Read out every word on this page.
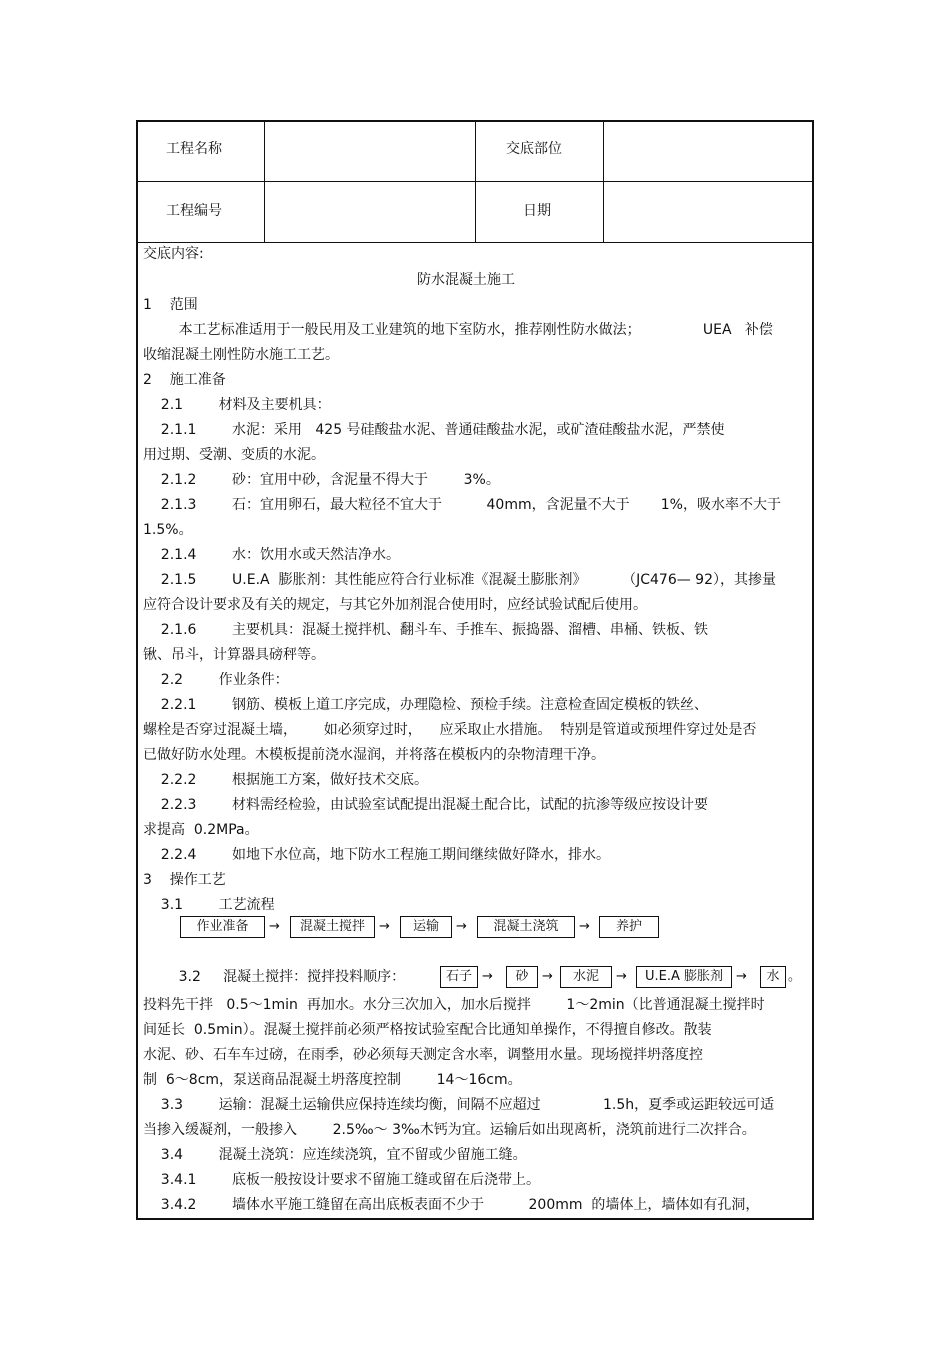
工程名称	交底部位
工程编号	日期
交底内容:
防水混凝土施工
1    范围
本工艺标准适用于一般民用及工业建筑的地下室防水，推荐刚性防水做法；              UEA   补偿
收缩混凝土刚性防水施工工艺。
2    施工准备
2.1        材料及主要机具：
2.1.1        水泥：采用   425 号硅酸盐水泥、普通硅酸盐水泥，或矿渣硅酸盐水泥，严禁使
用过期、受潮、变质的水泥。
2.1.2        砂：宜用中砂，含泥量不得大于        3%。
2.1.3        石：宜用卵石，最大粒径不宜大于          40mm，含泥量不大于       1%，吸水率不大于
1.5%。
2.1.4        水：饮用水或天然洁净水。
2.1.5        U.E.A  膨胀剂：其性能应符合行业标准《混凝土膨胀剂》        （JC476— 92），其掺量
应符合设计要求及有关的规定，与其它外加剂混合使用时，应经试验试配后使用。
2.1.6        主要机具：混凝土搅拌机、翻斗车、手推车、振捣器、溜槽、串桶、铁板、铁
锹、吊斗，计算器具磅秤等。
2.2        作业条件：
2.2.1        钢筋、模板上道工序完成，办理隐检、预检手续。注意检查固定模板的铁丝、
螺栓是否穿过混凝土墙，      如必须穿过时，    应采取止水措施。  特别是管道或预埋件穿过处是否
已做好防水处理。木模板提前浇水湿润，并将落在模板内的杂物清理干净。
2.2.2        根据施工方案，做好技术交底。
2.2.3        材料需经检验，由试验室试配提出混凝土配合比，试配的抗渗等级应按设计要
求提高  0.2MPa。
2.2.4        如地下水位高，地下防水工程施工期间继续做好降水，排水。
3    操作工艺
3.1        工艺流程
作业准备	→	混凝土搅拌	→	运输	→	混凝土浇筑	→	养护
3.2     混凝土搅拌：搅拌投料顺序：	石子 →	砂	→	水泥	→	U.E.A 膨胀剂 →	水 。
投料先干拌   0.5～1min  再加水。水分三次加入，加水后搅拌        1～2min（比普通混凝土搅拌时
间延长  0.5min）。混凝土搅拌前必须严格按试验室配合比通知单操作，不得擅自修改。散装
水泥、砂、石车车过磅，在雨季，砂必须每天测定含水率，调整用水量。现场搅拌坍落度控
制  6～8cm，泵送商品混凝土坍落度控制        14～16cm。
3.3        运输：混凝土运输供应保持连续均衡，间隔不应超过              1.5h，夏季或运距较远可适
当掺入缓凝剂，一般掺入        2.5‰～ 3‰木钙为宜。运输后如出现离析，浇筑前进行二次拌合。
3.4        混凝土浇筑：应连续浇筑，宜不留或少留施工缝。
3.4.1        底板一般按设计要求不留施工缝或留在后浇带上。
3.4.2        墙体水平施工缝留在高出底板表面不少于          200mm  的墙体上，墙体如有孔洞，
